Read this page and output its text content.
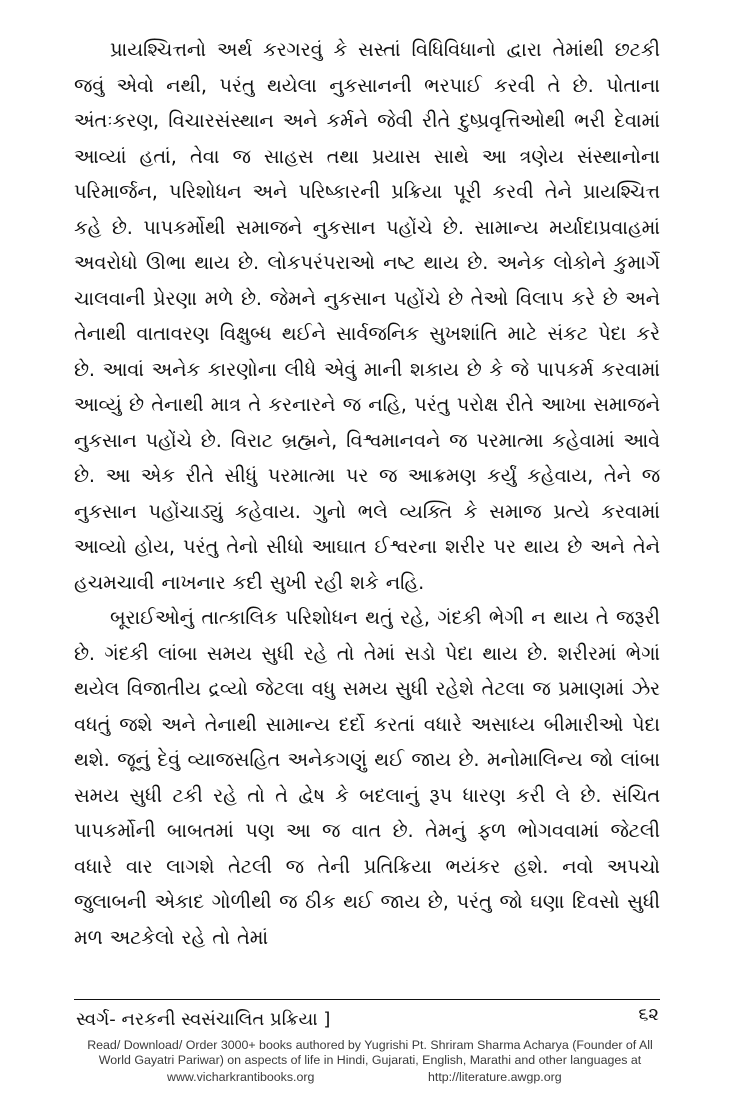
પ્રાયશ્ચિત્તનો અર્થ કરગરવું કે સસ્તાં વિધિવિધાનો દ્વારા તેમાંથી છટકી જવું એવો નથી, પરંતુ થયેલા નુકસાનની ભરપાઈ કરવી તે છે. પોતાના અંતઃકરણ, વિચારસંસ્થાન અને કર્મને જેવી રીતે દુષ્પ્રવૃત્તિઓથી ભરી દેવામાં આવ્યાં હતાં, તેવા જ સાહસ તથા પ્રયાસ સાથે આ ત્રણેય સંસ્થાનોના પરિમાર્જન, પરિશોધન અને પરિષ્કારની પ્રક્રિયા પૂરી કરવી તેને પ્રાયશ્ચિત્ત કહે છે. પાપકર્મોથી સમાજને નુકસાન પહોંચે છે. સામાન્ય મર્યાદાપ્રવાહમાં અવરોધો ઊભા થાય છે. લોકપરંપરાઓ નષ્ટ થાય છે. અનેક લોકોને કુમાર્ગે ચાલવાની પ્રેરણા મળે છે. જેમને નુકસાન પહોંચે છે તેઓ વિલાપ કરે છે અને તેનાથી વાતાવરણ વિક્ષુબ્ધ થઈને સાર્વજનિક સુખશાંતિ માટે સંકટ પેદા કરે છે. આવાં અનેક કારણોના લીધે એવું માની શકાય છે કે જે પાપકર્મ કરવામાં આવ્યું છે તેનાથી માત્ર તે કરનારને જ નહિ, પરંતુ પરોક્ષ રીતે આખા સમાજને નુકસાન પહોંચે છે. વિરાટ બ્રહ્મને, વિશ્વમાનવને જ પરમાત્મા કહેવામાં આવે છે. આ એક રીતે સીધું પરમાત્મા પર જ આક્રમણ કર્યું કહેવાય, તેને જ નુકસાન પહોંચાડ્યું કહેવાય. ગુનો ભલે વ્યક્તિ કે સમાજ પ્રત્યે કરવામાં આવ્યો હોય, પરંતુ તેનો સીધો આઘાત ઈશ્વરના શરીર પર થાય છે અને તેને હચમચાવી નાખનાર કદી સુખી રહી શકે નહિ.

બૂરાઈઓનું તાત્કાલિક પરિશોધન થતું રહે, ગંદકી ભેગી ન થાય તે જરૂરી છે. ગંદકી લાંબા સમય સુધી રહે તો તેમાં સડો પેદા થાય છે. શરીરમાં ભેગાં થયેલ વિજાતીય દ્રવ્યો જેટલા વધુ સમય સુધી રહેશે તેટલા જ પ્રમાણમાં ઝેર વધતું જશે અને તેનાથી સામાન્ય દર્દો કરતાં વધારે અસાધ્ય બીમારીઓ પેદા થશે. જૂનું દેવું વ્યાજસહિત અનેકગણું થઈ જાય છે. મનોમાલિન્ય જો લાંબા સમય સુધી ટકી રહે તો તે દ્વેષ કે બદલાનું રૂપ ધારણ કરી લે છે. સંચિત પાપકર્મોની બાબતમાં પણ આ જ વાત છે. તેમનું ફળ ભોગવવામાં જેટલી વધારે વાર લાગશે તેટલી જ તેની પ્રતિક્રિયા ભયંકર હશે. નવો અપચો જુલાબની એકાદ ગોળીથી જ ઠીક થઈ જાય છે, પરંતુ જો ઘણા દિવસો સુધી મળ અટકેલો રહે તો તેમાં

સ્વર્ગ- નરકની સ્વસંચાલિત પ્રક્રિયા ]	૬૨
Read/ Download/ Order 3000+ books authored by Yugrishi Pt. Shriram Sharma Acharya (Founder of All World Gayatri Pariwar) on aspects of life in Hindi, Gujarati, English, Marathi and other languages at
www.vicharkrantibooks.org	http://literature.awgp.org
